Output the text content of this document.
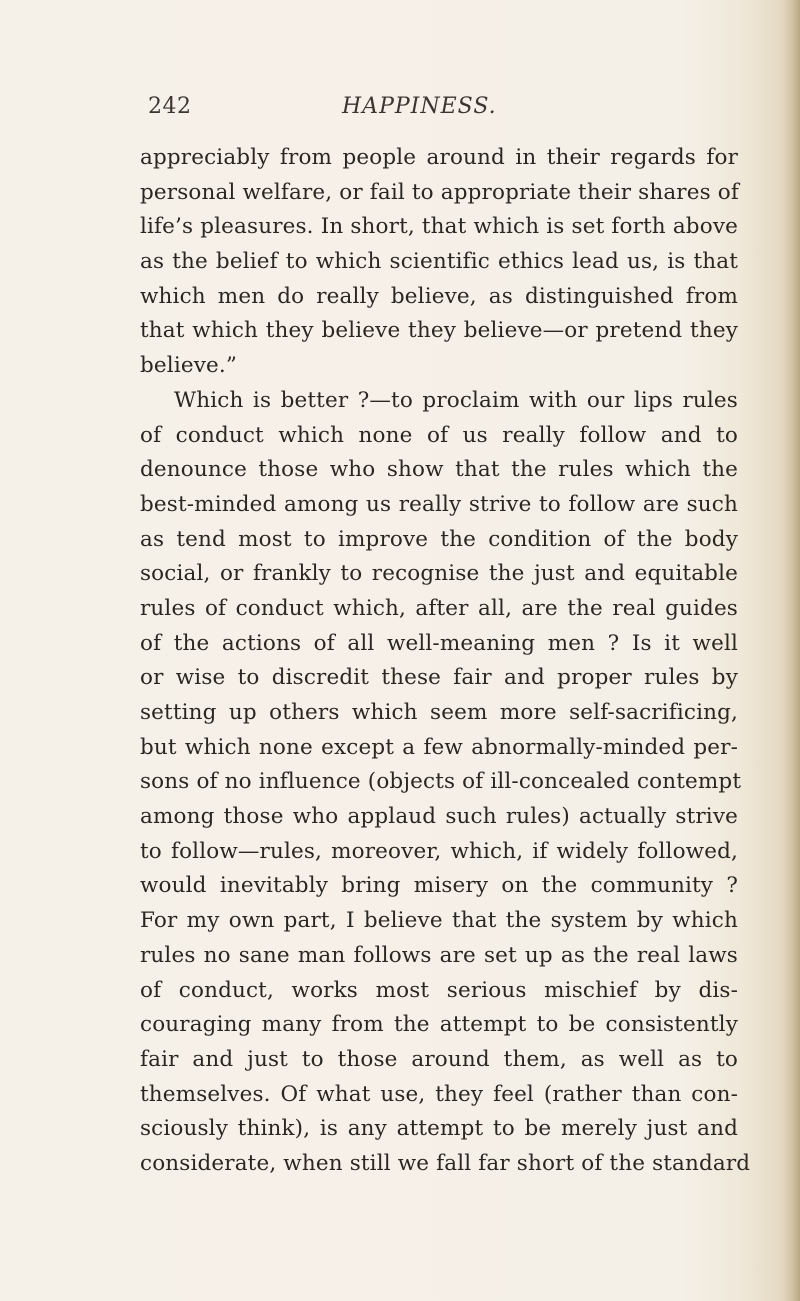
242	HAPPINESS.
appreciably from people around in their regards for
personal welfare, or fail to appropriate their shares of
life’s pleasures. In short, that which is set forth above
as the belief to which scientific ethics lead us, is that
which men do really believe, as distinguished from
that which they believe they believe—or pretend they
believe.”
Which is better ?—to proclaim with our lips rules
of conduct which none of us really follow and to
denounce those who show that the rules which the
best-minded among us really strive to follow are such
as tend most to improve the condition of the body
social, or frankly to recognise the just and equitable
rules of conduct which, after all, are the real guides
of the actions of all well-meaning men ? Is it well
or wise to discredit these fair and proper rules by
setting up others which seem more self-sacrificing,
but which none except a few abnormally-minded per-
sons of no influence (objects of ill-concealed contempt
among those who applaud such rules) actually strive
to follow—rules, moreover, which, if widely followed,
would inevitably bring misery on the community ?
For my own part, I believe that the system by which
rules no sane man follows are set up as the real laws
of conduct, works most serious mischief by dis-
couraging many from the attempt to be consistently
fair and just to those around them, as well as to
themselves. Of what use, they feel (rather than con-
sciously think), is any attempt to be merely just and
considerate, when still we fall far short of the standard
